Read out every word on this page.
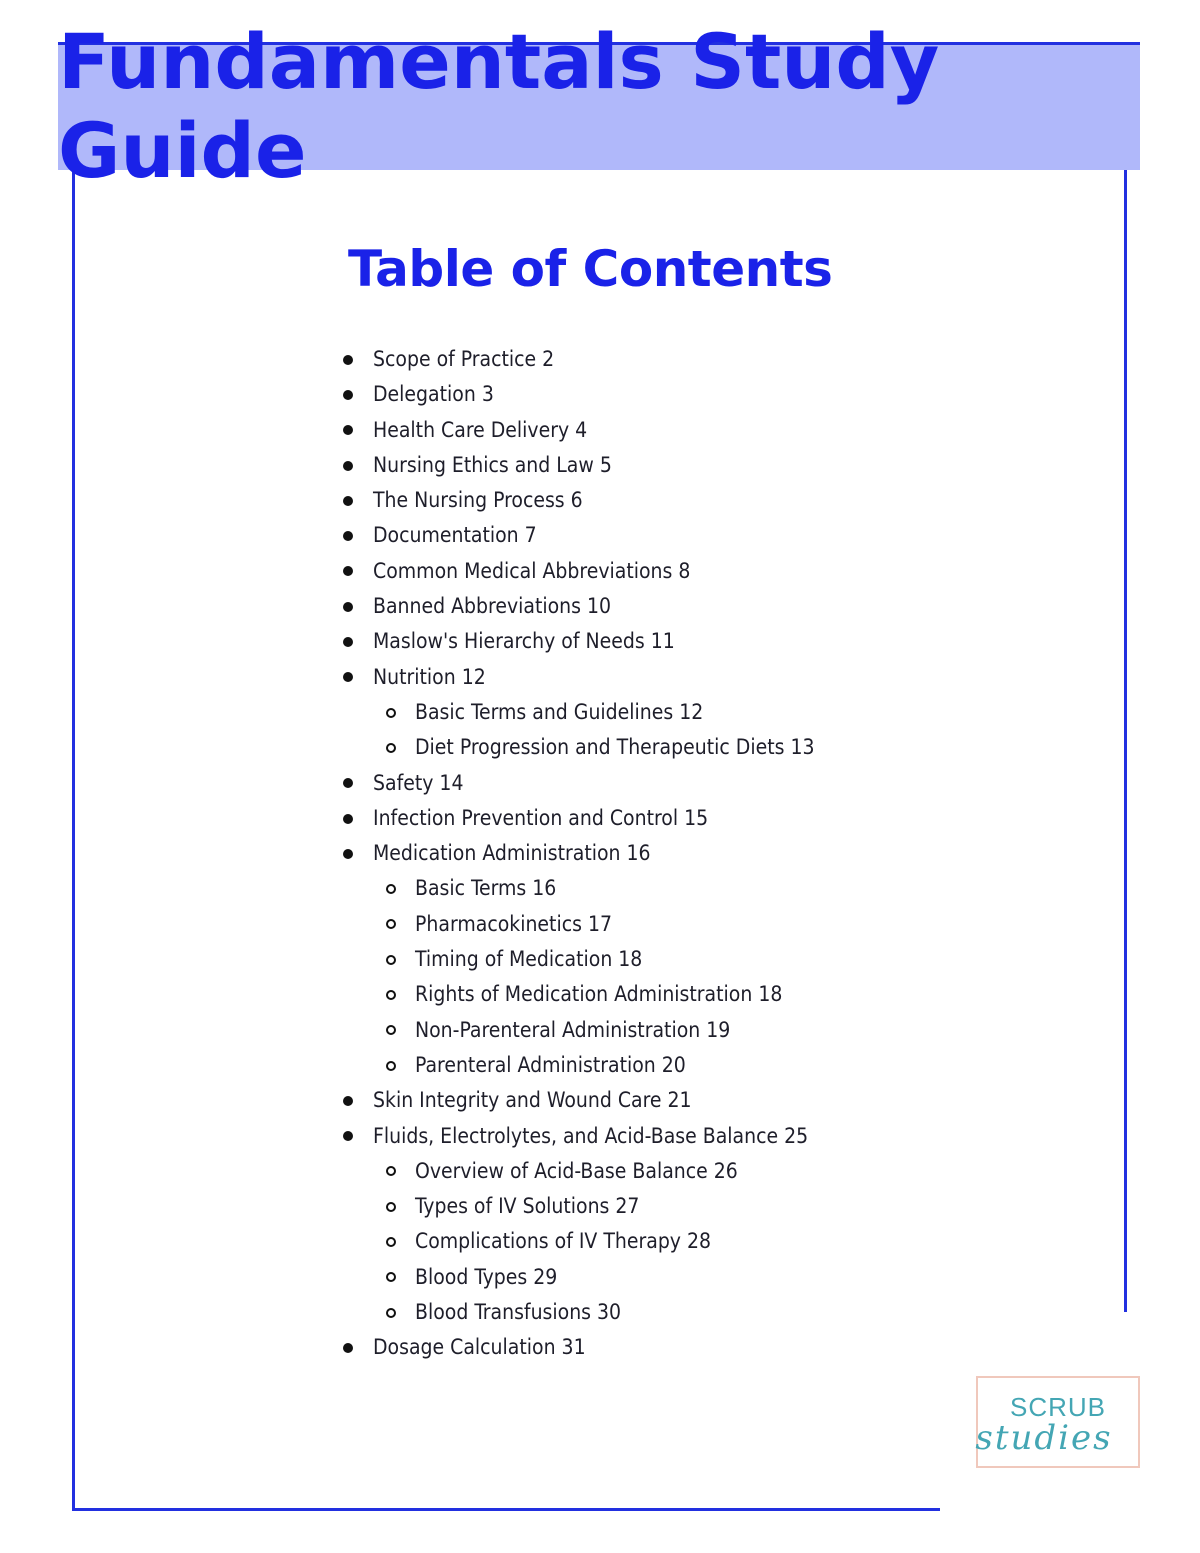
Fundamentals Study Guide
Table of Contents
Scope of Practice 2
Delegation 3
Health Care Delivery 4
Nursing Ethics and Law 5
The Nursing Process 6
Documentation 7
Common Medical Abbreviations 8
Banned Abbreviations 10
Maslow's Hierarchy of Needs 11
Nutrition 12
Basic Terms and Guidelines 12
Diet Progression and Therapeutic Diets 13
Safety 14
Infection Prevention and Control 15
Medication Administration 16
Basic Terms 16
Pharmacokinetics 17
Timing of Medication 18
Rights of Medication Administration 18
Non-Parenteral Administration 19
Parenteral Administration 20
Skin Integrity and Wound Care 21
Fluids, Electrolytes, and Acid-Base Balance 25
Overview of Acid-Base Balance 26
Types of IV Solutions 27
Complications of IV Therapy 28
Blood Types 29
Blood Transfusions 30
Dosage Calculation 31
SCRUB
studies
